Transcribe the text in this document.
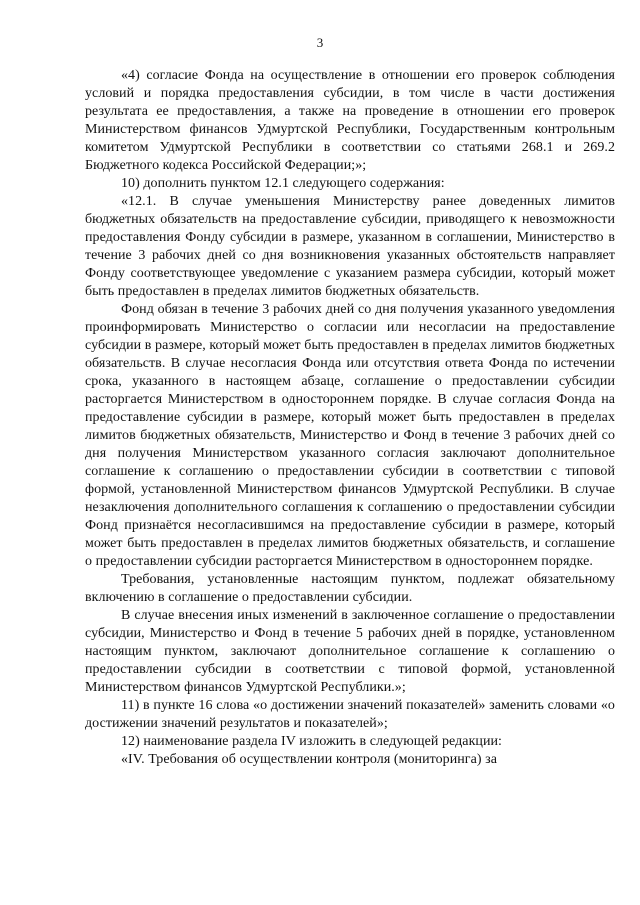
3

«4) согласие Фонда на осуществление в отношении его проверок соблюдения условий и порядка предоставления субсидии, в том числе в части достижения результата ее предоставления, а также на проведение в отношении его проверок Министерством финансов Удмуртской Республики, Государственным контрольным комитетом Удмуртской Республики в соответствии со статьями 268.1 и 269.2 Бюджетного кодекса Российской Федерации;»;

10) дополнить пунктом 12.1 следующего содержания:

«12.1. В случае уменьшения Министерству ранее доведенных лимитов бюджетных обязательств на предоставление субсидии, приводящего к невозможности предоставления Фонду субсидии в размере, указанном в соглашении, Министерство в течение 3 рабочих дней со дня возникновения указанных обстоятельств направляет Фонду соответствующее уведомление с указанием размера субсидии, который может быть предоставлен в пределах лимитов бюджетных обязательств.

Фонд обязан в течение 3 рабочих дней со дня получения указанного уведомления проинформировать Министерство о согласии или несогласии на предоставление субсидии в размере, который может быть предоставлен в пределах лимитов бюджетных обязательств. В случае несогласия Фонда или отсутствия ответа Фонда по истечении срока, указанного в настоящем абзаце, соглашение о предоставлении субсидии расторгается Министерством в одностороннем порядке. В случае согласия Фонда на предоставление субсидии в размере, который может быть предоставлен в пределах лимитов бюджетных обязательств, Министерство и Фонд в течение 3 рабочих дней со дня получения Министерством указанного согласия заключают дополнительное соглашение к соглашению о предоставлении субсидии в соответствии с типовой формой, установленной Министерством финансов Удмуртской Республики. В случае незаключения дополнительного соглашения к соглашению о предоставлении субсидии Фонд признаётся несогласившимся на предоставление субсидии в размере, который может быть предоставлен в пределах лимитов бюджетных обязательств, и соглашение о предоставлении субсидии расторгается Министерством в одностороннем порядке.

Требования, установленные настоящим пунктом, подлежат обязательному включению в соглашение о предоставлении субсидии.

В случае внесения иных изменений в заключенное соглашение о предоставлении субсидии, Министерство и Фонд в течение 5 рабочих дней в порядке, установленном настоящим пунктом, заключают дополнительное соглашение к соглашению о предоставлении субсидии в соответствии с типовой формой, установленной Министерством финансов Удмуртской Республики.»;

11) в пункте 16 слова «о достижении значений показателей» заменить словами «о достижении значений результатов и показателей»;

12) наименование раздела IV изложить в следующей редакции:

«IV. Требования об осуществлении контроля (мониторинга) за
